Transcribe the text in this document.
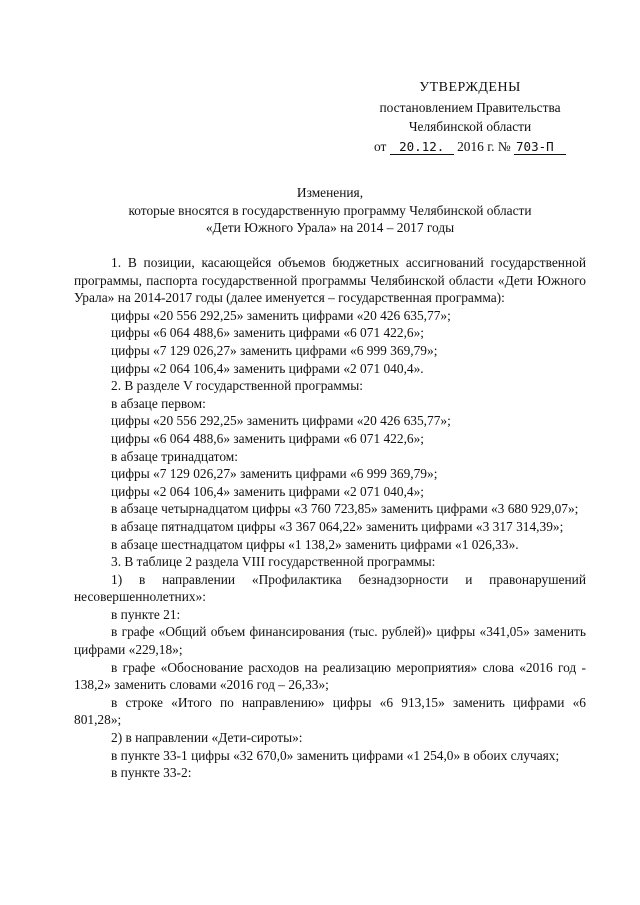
УТВЕРЖДЕНЫ
постановлением Правительства
Челябинской области
от 20.12. 2016 г. № 703-П
Изменения,
которые вносятся в государственную программу Челябинской области
«Дети Южного Урала» на 2014 – 2017 годы

1. В позиции, касающейся объемов бюджетных ассигнований государственной программы, паспорта государственной программы Челябинской области «Дети Южного Урала» на 2014-2017 годы (далее именуется – государственная программа):

цифры «20 556 292,25» заменить цифрами «20 426 635,77»;

цифры «6 064 488,6» заменить цифрами «6 071 422,6»;

цифры «7 129 026,27» заменить цифрами «6 999 369,79»;

цифры «2 064 106,4» заменить цифрами «2 071 040,4».

2. В разделе V государственной программы:

в абзаце первом:

цифры «20 556 292,25» заменить цифрами «20 426 635,77»;

цифры «6 064 488,6» заменить цифрами «6 071 422,6»;

в абзаце тринадцатом:

цифры «7 129 026,27» заменить цифрами «6 999 369,79»;

цифры «2 064 106,4» заменить цифрами «2 071 040,4»;

в абзаце четырнадцатом цифры «3 760 723,85» заменить цифрами «3 680 929,07»;

в абзаце пятнадцатом цифры «3 367 064,22» заменить цифрами «3 317 314,39»;

в абзаце шестнадцатом цифры «1 138,2» заменить цифрами «1 026,33».

3. В таблице 2 раздела VIII государственной программы:

1) в направлении «Профилактика безнадзорности и правонарушений несовершеннолетних»:

в пункте 21:

в графе «Общий объем финансирования (тыс. рублей)» цифры «341,05» заменить цифрами «229,18»;

в графе «Обоснование расходов на реализацию мероприятия» слова «2016 год - 138,2» заменить словами «2016 год – 26,33»;

в строке «Итого по направлению» цифры «6 913,15» заменить цифрами «6 801,28»;

2) в направлении «Дети-сироты»:

в пункте 33-1 цифры «32 670,0» заменить цифрами «1 254,0» в обоих случаях;

в пункте 33-2:
